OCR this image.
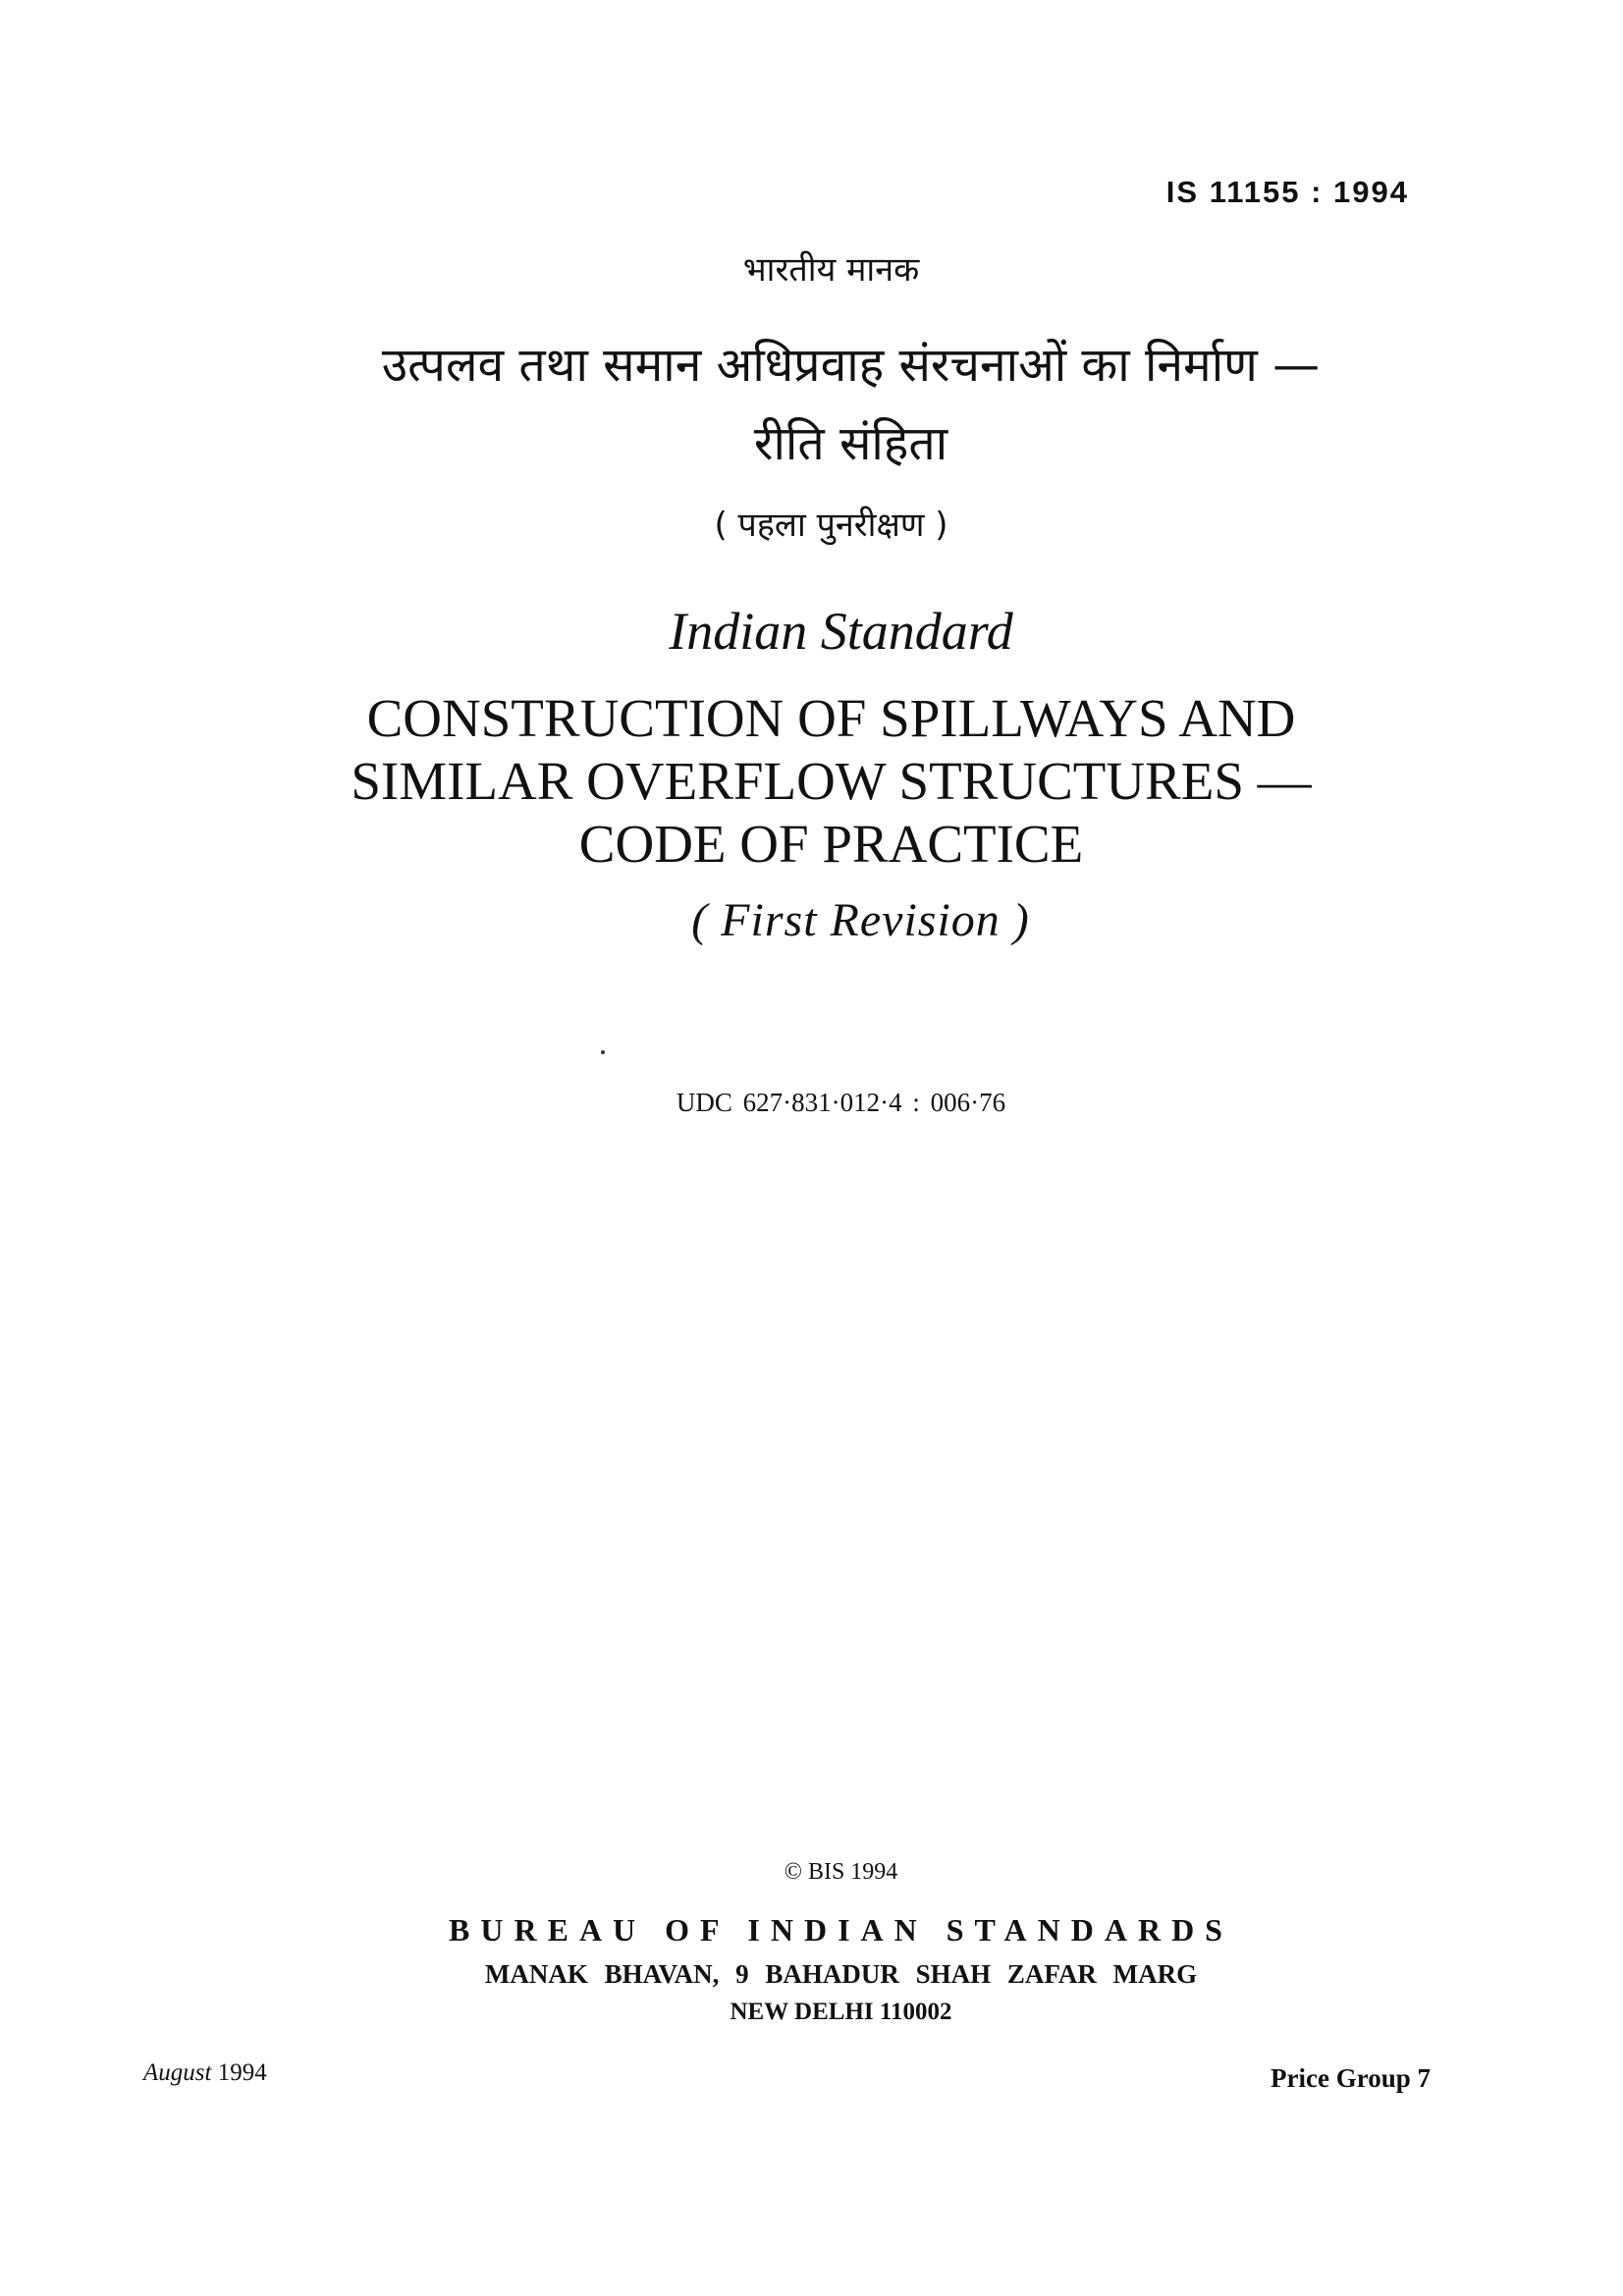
IS 11155 : 1994
भारतीय मानक
उत्पलव तथा समान अधिप्रवाह संरचनाओं का निर्माण —
रीति संहिता
( पहला पुनरीक्षण )
Indian Standard
CONSTRUCTION OF SPILLWAYS AND
SIMILAR OVERFLOW STRUCTURES —
CODE OF PRACTICE
( First Revision )
UDC 627·831·012·4 : 006·76
© BIS 1994
BUREAU OF INDIAN STANDARDS
MANAK BHAVAN, 9 BAHADUR SHAH ZAFAR MARG
NEW DELHI 110002
August 1994	Price Group 7
